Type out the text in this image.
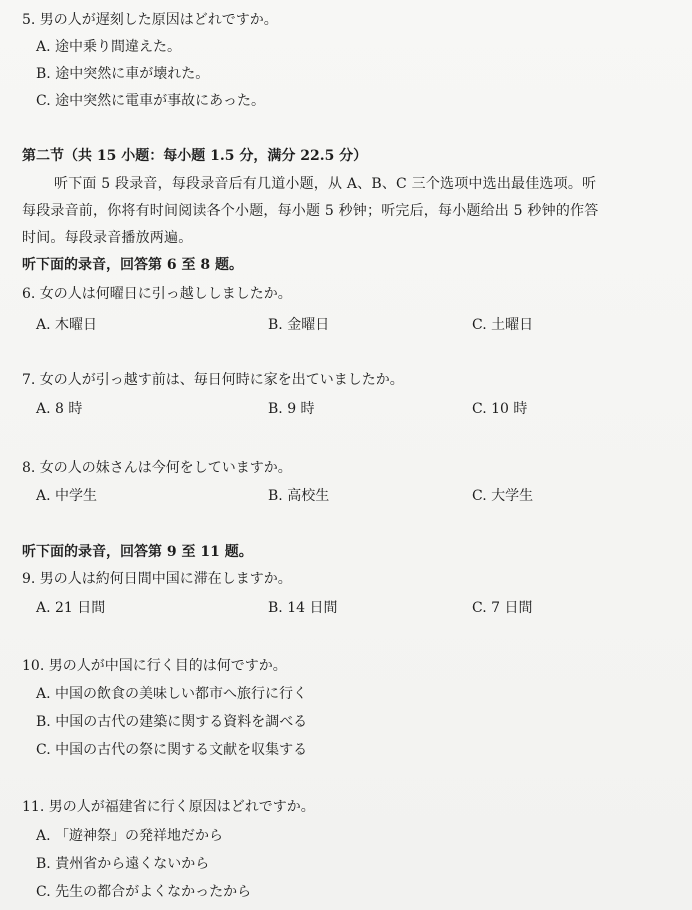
5. 男の人が遅刻した原因はどれですか。
A. 途中乗り間違えた。
B. 途中突然に車が壊れた。
C. 途中突然に電車が事故にあった。
第二节（共 15 小题：每小题 1.5 分，满分 22.5 分）
听下面 5 段录音，每段录音后有几道小题，从 A、B、C 三个选项中选出最佳选项。听
每段录音前，你将有时间阅读各个小题，每小题 5 秒钟；听完后，每小题给出 5 秒钟的作答
时间。每段录音播放两遍。
听下面的录音，回答第 6 至 8 题。
6. 女の人は何曜日に引っ越ししましたか。
A. 木曜日	B. 金曜日	C. 土曜日
7. 女の人が引っ越す前は、毎日何時に家を出ていましたか。
A. 8 時	B. 9 時	C. 10 時
8. 女の人の妹さんは今何をしていますか。
A. 中学生	B. 高校生	C. 大学生
听下面的录音，回答第 9 至 11 题。
9. 男の人は約何日間中国に滞在しますか。
A. 21 日間	B. 14 日間	C. 7 日間
10. 男の人が中国に行く目的は何ですか。
A. 中国の飲食の美味しい都市へ旅行に行く
B. 中国の古代の建築に関する資料を調べる
C. 中国の古代の祭に関する文献を収集する
11. 男の人が福建省に行く原因はどれですか。
A. 「遊神祭」の発祥地だから
B. 貴州省から遠くないから
C. 先生の都合がよくなかったから
